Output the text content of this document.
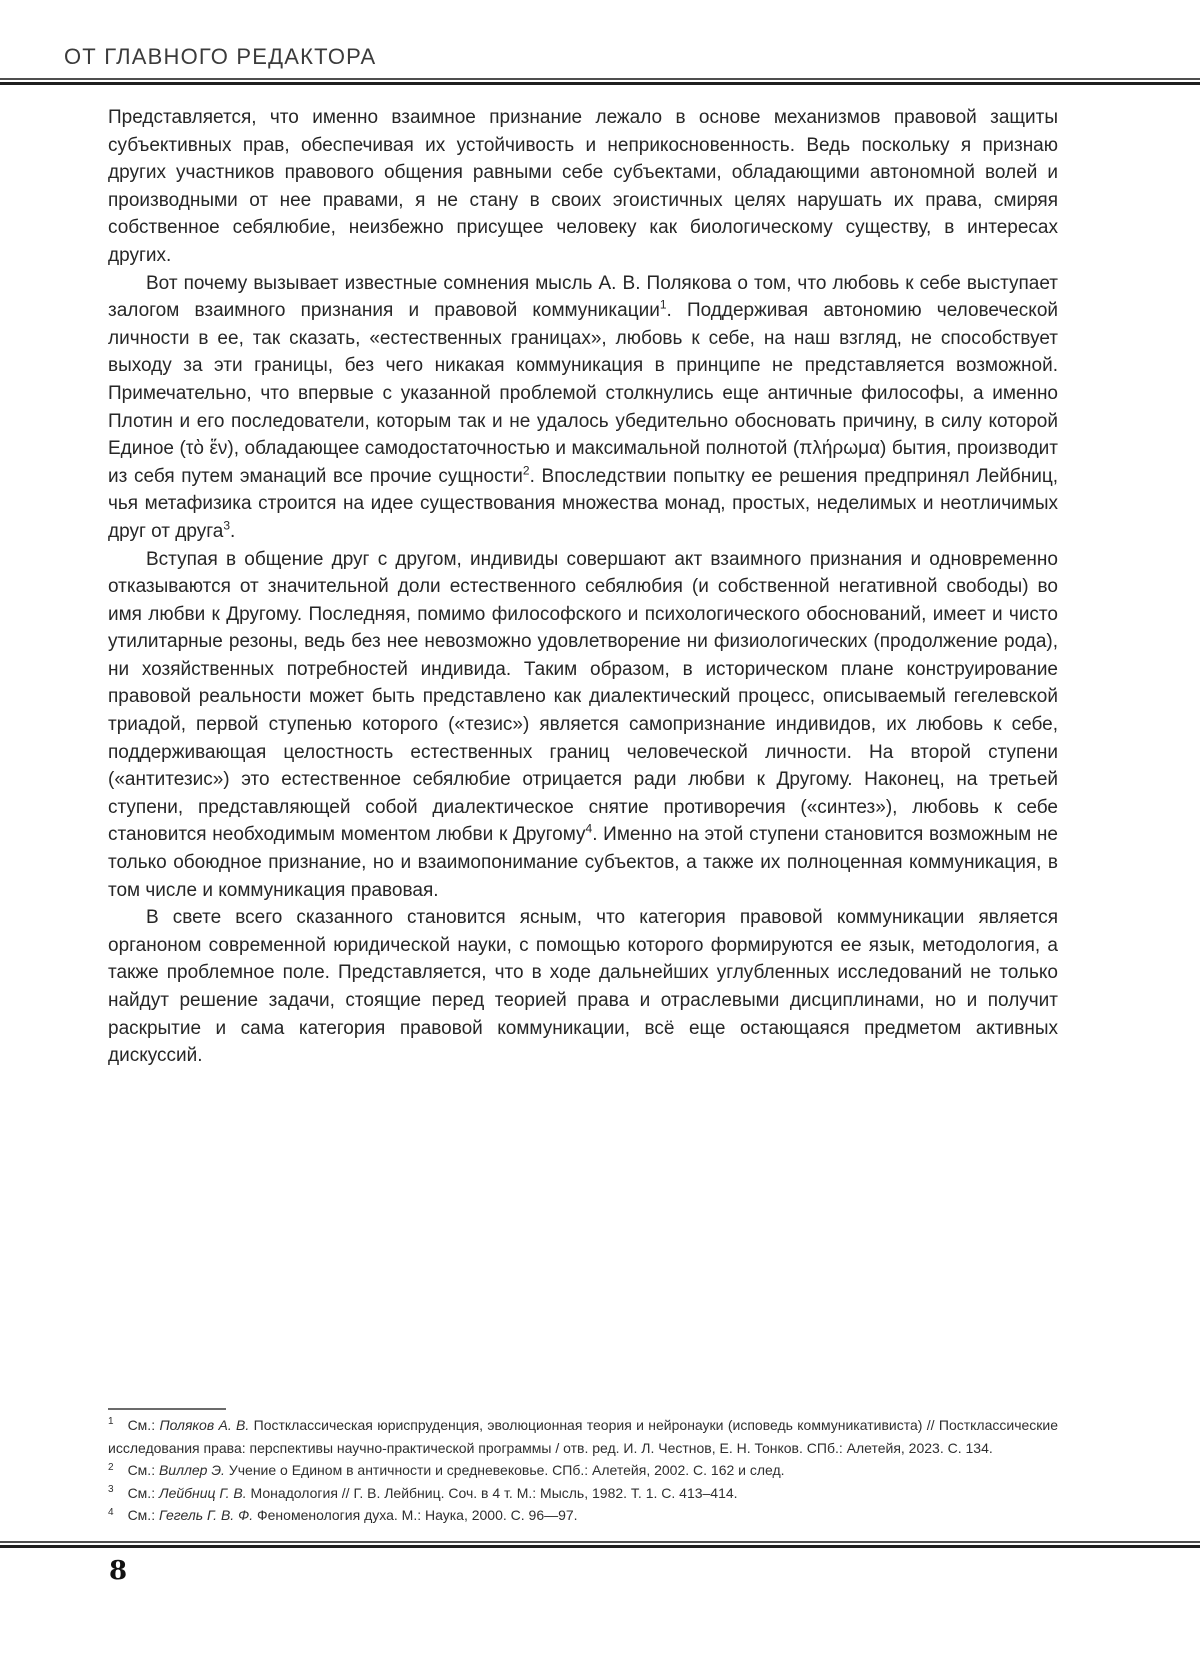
ОТ ГЛАВНОГО РЕДАКТОРА

Представляется, что именно взаимное признание лежало в основе механизмов правовой защиты субъективных прав, обеспечивая их устойчивость и неприкосновенность. Ведь поскольку я признаю других участников правового общения равными себе субъектами, обладающими автономной волей и производными от нее правами, я не стану в своих эгоистичных целях нарушать их права, смиряя собственное себялюбие, неизбежно присущее человеку как биологическому существу, в интересах других.

Вот почему вызывает известные сомнения мысль А. В. Полякова о том, что любовь к себе выступает залогом взаимного признания и правовой коммуникации$^1$. Поддерживая автономию человеческой личности в ее, так сказать, «естественных границах», любовь к себе, на наш взгляд, не способствует выходу за эти границы, без чего никакая коммуникация в принципе не представляется возможной. Примечательно, что впервые с указанной проблемой столкнулись еще античные философы, а именно Плотин и его последователи, которым так и не удалось убедительно обосновать причину, в силу которой Единое (τὸ ἕν), обладающее самодостаточностью и максимальной полнотой (πλήρωμα) бытия, производит из себя путем эманаций все прочие сущности$^2$. Впоследствии попытку ее решения предпринял Лейбниц, чья метафизика строится на идее существования множества монад, простых, неделимых и неотличимых друг от друга$^3$.

Вступая в общение друг с другом, индивиды совершают акт взаимного признания и одновременно отказываются от значительной доли естественного себялюбия (и собственной негативной свободы) во имя любви к Другому. Последняя, помимо философского и психологического обоснований, имеет и чисто утилитарные резоны, ведь без нее невозможно удовлетворение ни физиологических (продолжение рода), ни хозяйственных потребностей индивида. Таким образом, в историческом плане конструирование правовой реальности может быть представлено как диалектический процесс, описываемый гегелевской триадой, первой ступенью которого («тезис») является самопризнание индивидов, их любовь к себе, поддерживающая целостность естественных границ человеческой личности. На второй ступени («антитезис») это естественное себялюбие отрицается ради любви к Другому. Наконец, на третьей ступени, представляющей собой диалектическое снятие противоречия («синтез»), любовь к себе становится необходимым моментом любви к Другому$^4$. Именно на этой ступени становится возможным не только обоюдное признание, но и взаимопонимание субъектов, а также их полноценная коммуникация, в том числе и коммуникация правовая.

В свете всего сказанного становится ясным, что категория правовой коммуникации является органоном современной юридической науки, с помощью которого формируются ее язык, методология, а также проблемное поле. Представляется, что в ходе дальнейших углубленных исследований не только найдут решение задачи, стоящие перед теорией права и отраслевыми дисциплинами, но и получит раскрытие и сама категория правовой коммуникации, всё еще остающаяся предметом активных дискуссий.

$^1$ См.: Поляков А. В. Постклассическая юриспруденция, эволюционная теория и нейронауки (исповедь коммуникативиста) // Постклассические исследования права: перспективы научно-практической программы / отв. ред. И. Л. Честнов, Е. Н. Тонков. СПб.: Алетейя, 2023. С. 134.
$^2$ См.: Виллер Э. Учение о Едином в античности и средневековье. СПб.: Алетейя, 2002. С. 162 и след.
$^3$ См.: Лейбниц Г. В. Монадология // Г. В. Лейбниц. Соч. в 4 т. М.: Мысль, 1982. Т. 1. С. 413–414.
$^4$ См.: Гегель Г. В. Ф. Феноменология духа. М.: Наука, 2000. С. 96—97.
8
